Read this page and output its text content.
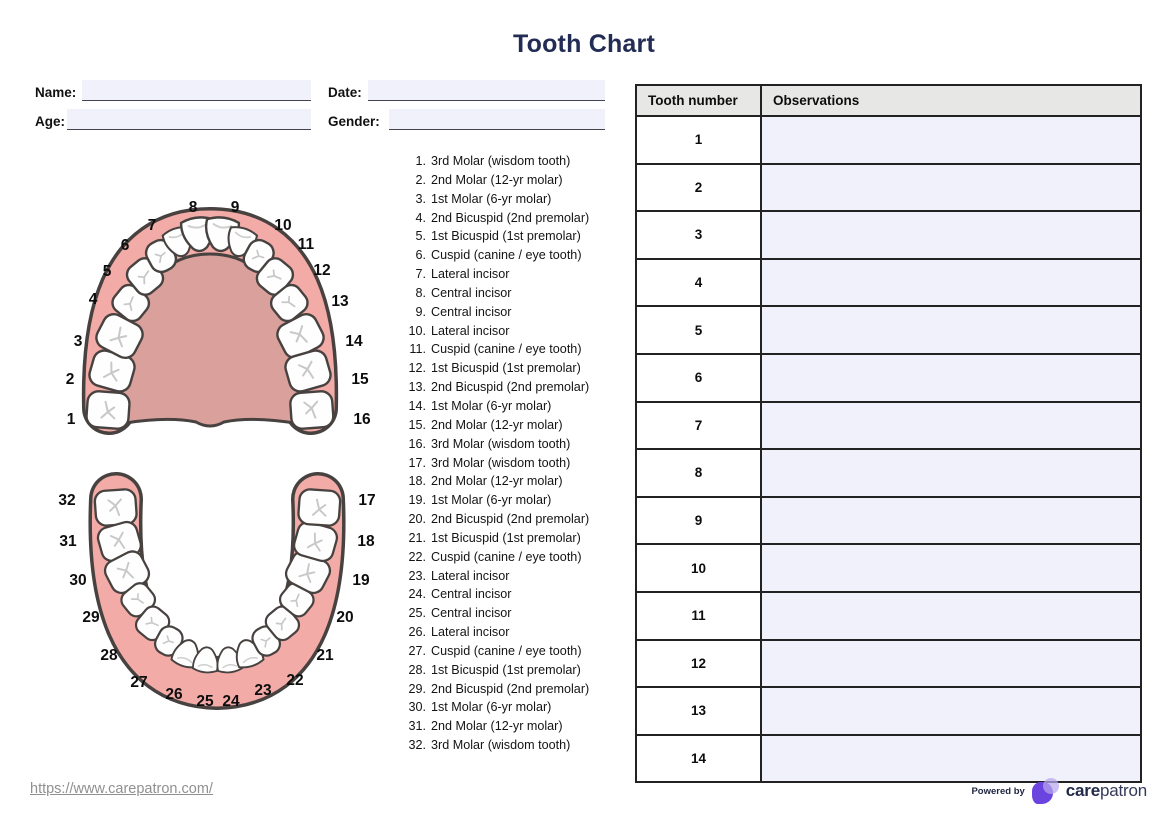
Tooth Chart
Name:	Date:
Age:	Gender:
1
2
3
4
5
6
7
8 9
10
11
12
13
14
15
16
32
31
30
29
28
27
26 25 24
23
22
21
20
19
18
17
1. 3rd Molar (wisdom tooth)
2. 2nd Molar (12-yr molar)
3. 1st Molar (6-yr molar)
4. 2nd Bicuspid (2nd premolar)
5. 1st Bicuspid (1st premolar)
6. Cuspid (canine / eye tooth)
7. Lateral incisor
8. Central incisor
9. Central incisor
10. Lateral incisor
11. Cuspid (canine / eye tooth)
12. 1st Bicuspid (1st premolar)
13. 2nd Bicuspid (2nd premolar)
14. 1st Molar (6-yr molar)
15. 2nd Molar (12-yr molar)
16. 3rd Molar (wisdom tooth)
17. 3rd Molar (wisdom tooth)
18. 2nd Molar (12-yr molar)
19. 1st Molar (6-yr molar)
20. 2nd Bicuspid (2nd premolar)
21. 1st Bicuspid (1st premolar)
22. Cuspid (canine / eye tooth)
23. Lateral incisor
24. Central incisor
25. Central incisor
26. Lateral incisor
27. Cuspid (canine / eye tooth)
28. 1st Bicuspid (1st premolar)
29. 2nd Bicuspid (2nd premolar)
30. 1st Molar (6-yr molar)
31. 2nd Molar (12-yr molar)
32. 3rd Molar (wisdom tooth)
Tooth number	Observations
1	
2	
3	
4	
5	
6	
7	
8	
9	
10	
11	
12	
13	
14	
https://www.carepatron.com/	Powered by carepatron
